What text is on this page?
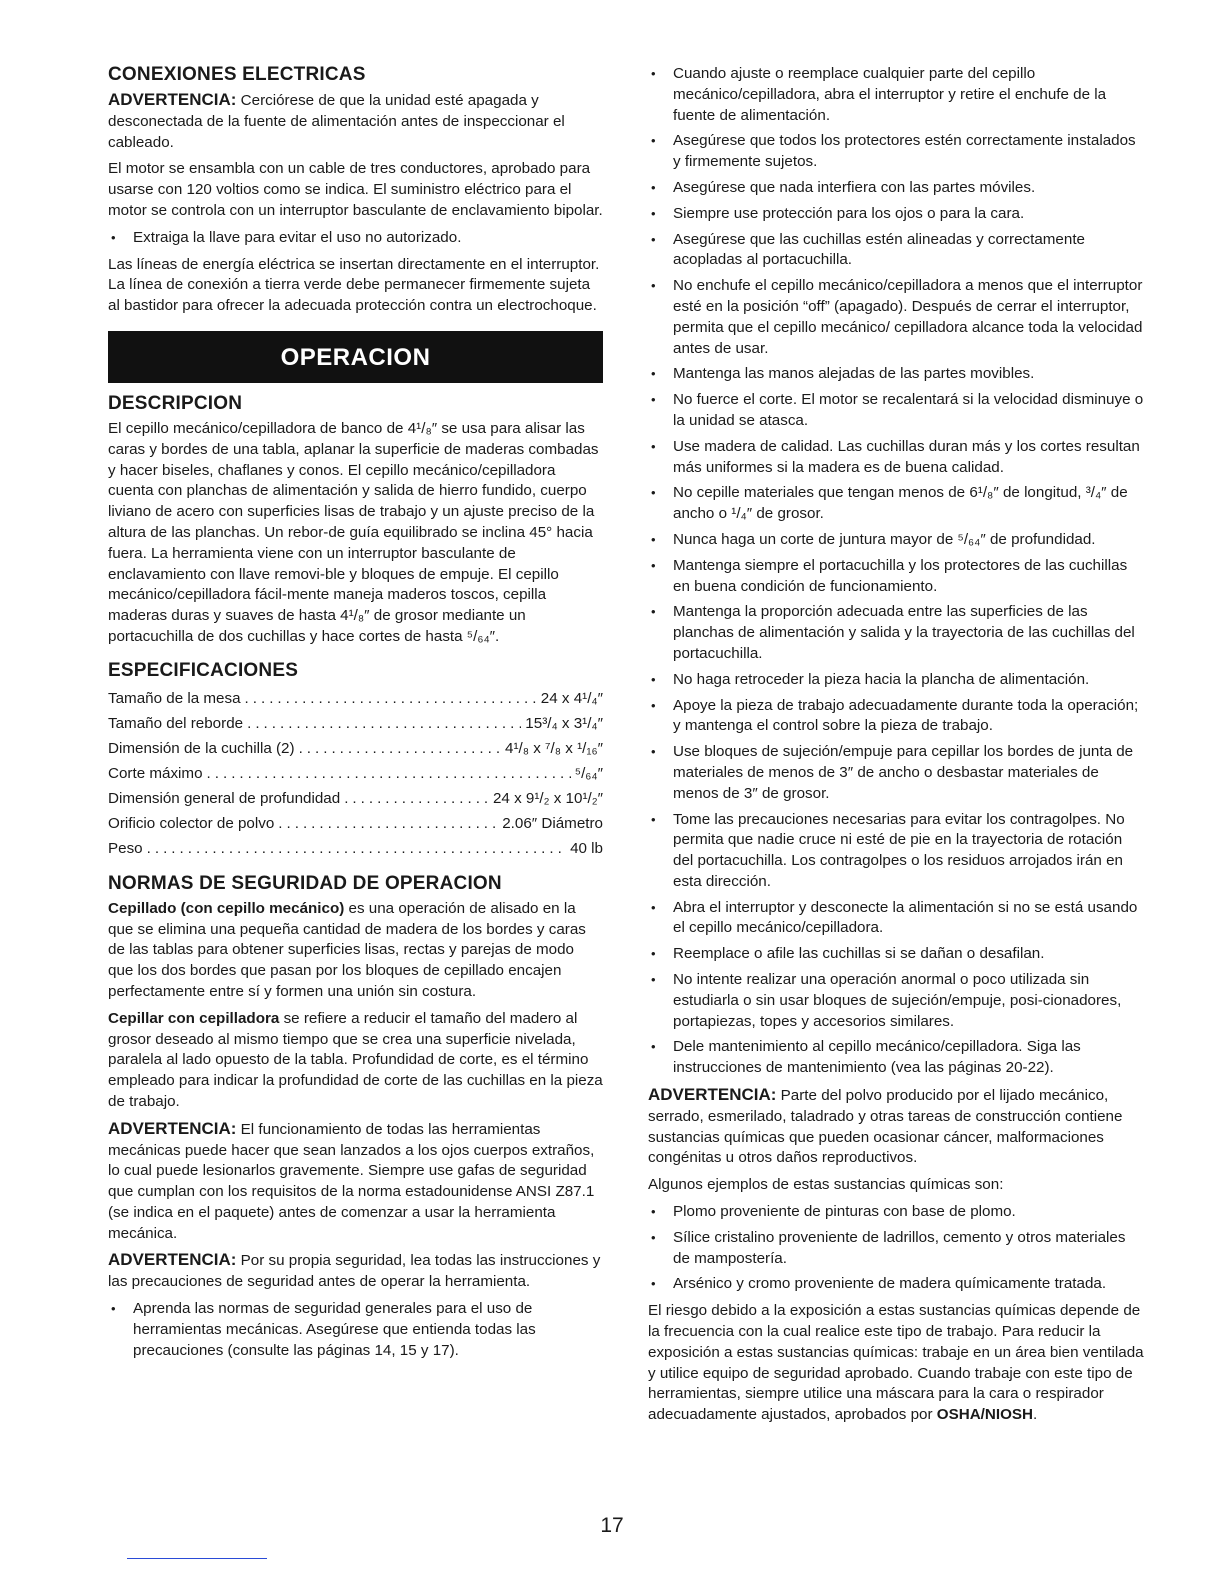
CONEXIONES ELECTRICAS

ADVERTENCIA: Cerciórese de que la unidad esté apagada y desconectada de la fuente de alimentación antes de inspeccionar el cableado.

El motor se ensambla con un cable de tres conductores, aprobado para usarse con 120 voltios como se indica. El suministro eléctrico para el motor se controla con un interruptor basculante de enclavamiento bipolar.

• Extraiga la llave para evitar el uso no autorizado.

Las líneas de energía eléctrica se insertan directamente en el interruptor. La línea de conexión a tierra verde debe permanecer firmemente sujeta al bastidor para ofrecer la adecuada protección contra un electrochoque.

OPERACION
DESCRIPCION

El cepillo mecánico/cepilladora de banco de 4¹/₈″ se usa para alisar las caras y bordes de una tabla, aplanar la superficie de maderas combadas y hacer biseles, chaflanes y conos. El cepillo mecánico/cepilladora cuenta con planchas de alimentación y salida de hierro fundido, cuerpo liviano de acero con superficies lisas de trabajo y un ajuste preciso de la altura de las planchas. Un rebor-de guía equilibrado se inclina 45° hacia fuera. La herramienta viene con un interruptor basculante de enclavamiento con llave removi-ble y bloques de empuje. El cepillo mecánico/cepilladora fácil-mente maneja maderos toscos, cepilla maderas duras y suaves de hasta 4¹/₈″ de grosor mediante un portacuchilla de dos cuchillas y hace cortes de hasta ⁵/₆₄″.

ESPECIFICACIONES
Tamaño de la mesa .....	24 x 4¹/₄″
Tamaño del reborde .....	15³/₄ x 3¹/₄″
Dimensión de la cuchilla (2) .....	4¹/₈ x ⁷/₈ x ¹/₁₆″
Corte máximo .....	⁵/₆₄″
Dimensión general de profundidad .....	24 x 9¹/₂ x 10¹/₂″
Orificio colector de polvo .....	2.06″ Diámetro
Peso .....	40 lb
NORMAS DE SEGURIDAD DE OPERACION

Cepillado (con cepillo mecánico) es una operación de alisado en la que se elimina una pequeña cantidad de madera de los bordes y caras de las tablas para obtener superficies lisas, rectas y parejas de modo que los dos bordes que pasan por los bloques de cepillado encajen perfectamente entre sí y formen una unión sin costura.

Cepillar con cepilladora se refiere a reducir el tamaño del madero al grosor deseado al mismo tiempo que se crea una superficie nivelada, paralela al lado opuesto de la tabla. Profundidad de corte, es el término empleado para indicar la profundidad de corte de las cuchillas en la pieza de trabajo.

ADVERTENCIA: El funcionamiento de todas las herramientas mecánicas puede hacer que sean lanzados a los ojos cuerpos extraños, lo cual puede lesionarlos gravemente. Siempre use gafas de seguridad que cumplan con los requisitos de la norma estadounidense ANSI Z87.1 (se indica en el paquete) antes de comenzar a usar la herramienta mecánica.

ADVERTENCIA: Por su propia seguridad, lea todas las instrucciones y las precauciones de seguridad antes de operar la herramienta.

• Aprenda las normas de seguridad generales para el uso de herramientas mecánicas. Asegúrese que entienda todas las precauciones (consulte las páginas 14, 15 y 17).
• Cuando ajuste o reemplace cualquier parte del cepillo mecánico/cepilladora, abra el interruptor y retire el enchufe de la fuente de alimentación.
• Asegúrese que todos los protectores estén correctamente instalados y firmemente sujetos.
• Asegúrese que nada interfiera con las partes móviles.
• Siempre use protección para los ojos o para la cara.
• Asegúrese que las cuchillas estén alineadas y correctamente acopladas al portacuchilla.
• No enchufe el cepillo mecánico/cepilladora a menos que el interruptor esté en la posición “off” (apagado). Después de cerrar el interruptor, permita que el cepillo mecánico/ cepilladora alcance toda la velocidad antes de usar.
• Mantenga las manos alejadas de las partes movibles.
• No fuerce el corte. El motor se recalentará si la velocidad disminuye o la unidad se atasca.
• Use madera de calidad. Las cuchillas duran más y los cortes resultan más uniformes si la madera es de buena calidad.
• No cepille materiales que tengan menos de 6¹/₈″ de longitud, ³/₄″ de ancho o ¹/₄″ de grosor.
• Nunca haga un corte de juntura mayor de ⁵/₆₄″ de profundidad.
• Mantenga siempre el portacuchilla y los protectores de las cuchillas en buena condición de funcionamiento.
• Mantenga la proporción adecuada entre las superficies de las planchas de alimentación y salida y la trayectoria de las cuchillas del portacuchilla.
• No haga retroceder la pieza hacia la plancha de alimentación.
• Apoye la pieza de trabajo adecuadamente durante toda la operación; y mantenga el control sobre la pieza de trabajo.
• Use bloques de sujeción/empuje para cepillar los bordes de junta de materiales de menos de 3″ de ancho o desbastar materiales de menos de 3″ de grosor.
• Tome las precauciones necesarias para evitar los contragolpes. No permita que nadie cruce ni esté de pie en la trayectoria de rotación del portacuchilla. Los contragolpes o los residuos arrojados irán en esta dirección.
• Abra el interruptor y desconecte la alimentación si no se está usando el cepillo mecánico/cepilladora.
• Reemplace o afile las cuchillas si se dañan o desafilan.
• No intente realizar una operación anormal o poco utilizada sin estudiarla o sin usar bloques de sujeción/empuje, posi-cionadores, portapiezas, topes y accesorios similares.
• Dele mantenimiento al cepillo mecánico/cepilladora. Siga las instrucciones de mantenimiento (vea las páginas 20-22).

ADVERTENCIA: Parte del polvo producido por el lijado mecánico, serrado, esmerilado, taladrado y otras tareas de construcción contiene sustancias químicas que pueden ocasionar cáncer, malformaciones congénitas u otros daños reproductivos.

Algunos ejemplos de estas sustancias químicas son:

• Plomo proveniente de pinturas con base de plomo.
• Sílice cristalino proveniente de ladrillos, cemento y otros materiales de mampostería.
• Arsénico y cromo proveniente de madera químicamente tratada.

El riesgo debido a la exposición a estas sustancias químicas depende de la frecuencia con la cual realice este tipo de trabajo. Para reducir la exposición a estas sustancias químicas: trabaje en un área bien ventilada y utilice equipo de seguridad aprobado. Cuando trabaje con este tipo de herramientas, siempre utilice una máscara para la cara o respirador adecuadamente ajustados, aprobados por OSHA/NIOSH.

17
